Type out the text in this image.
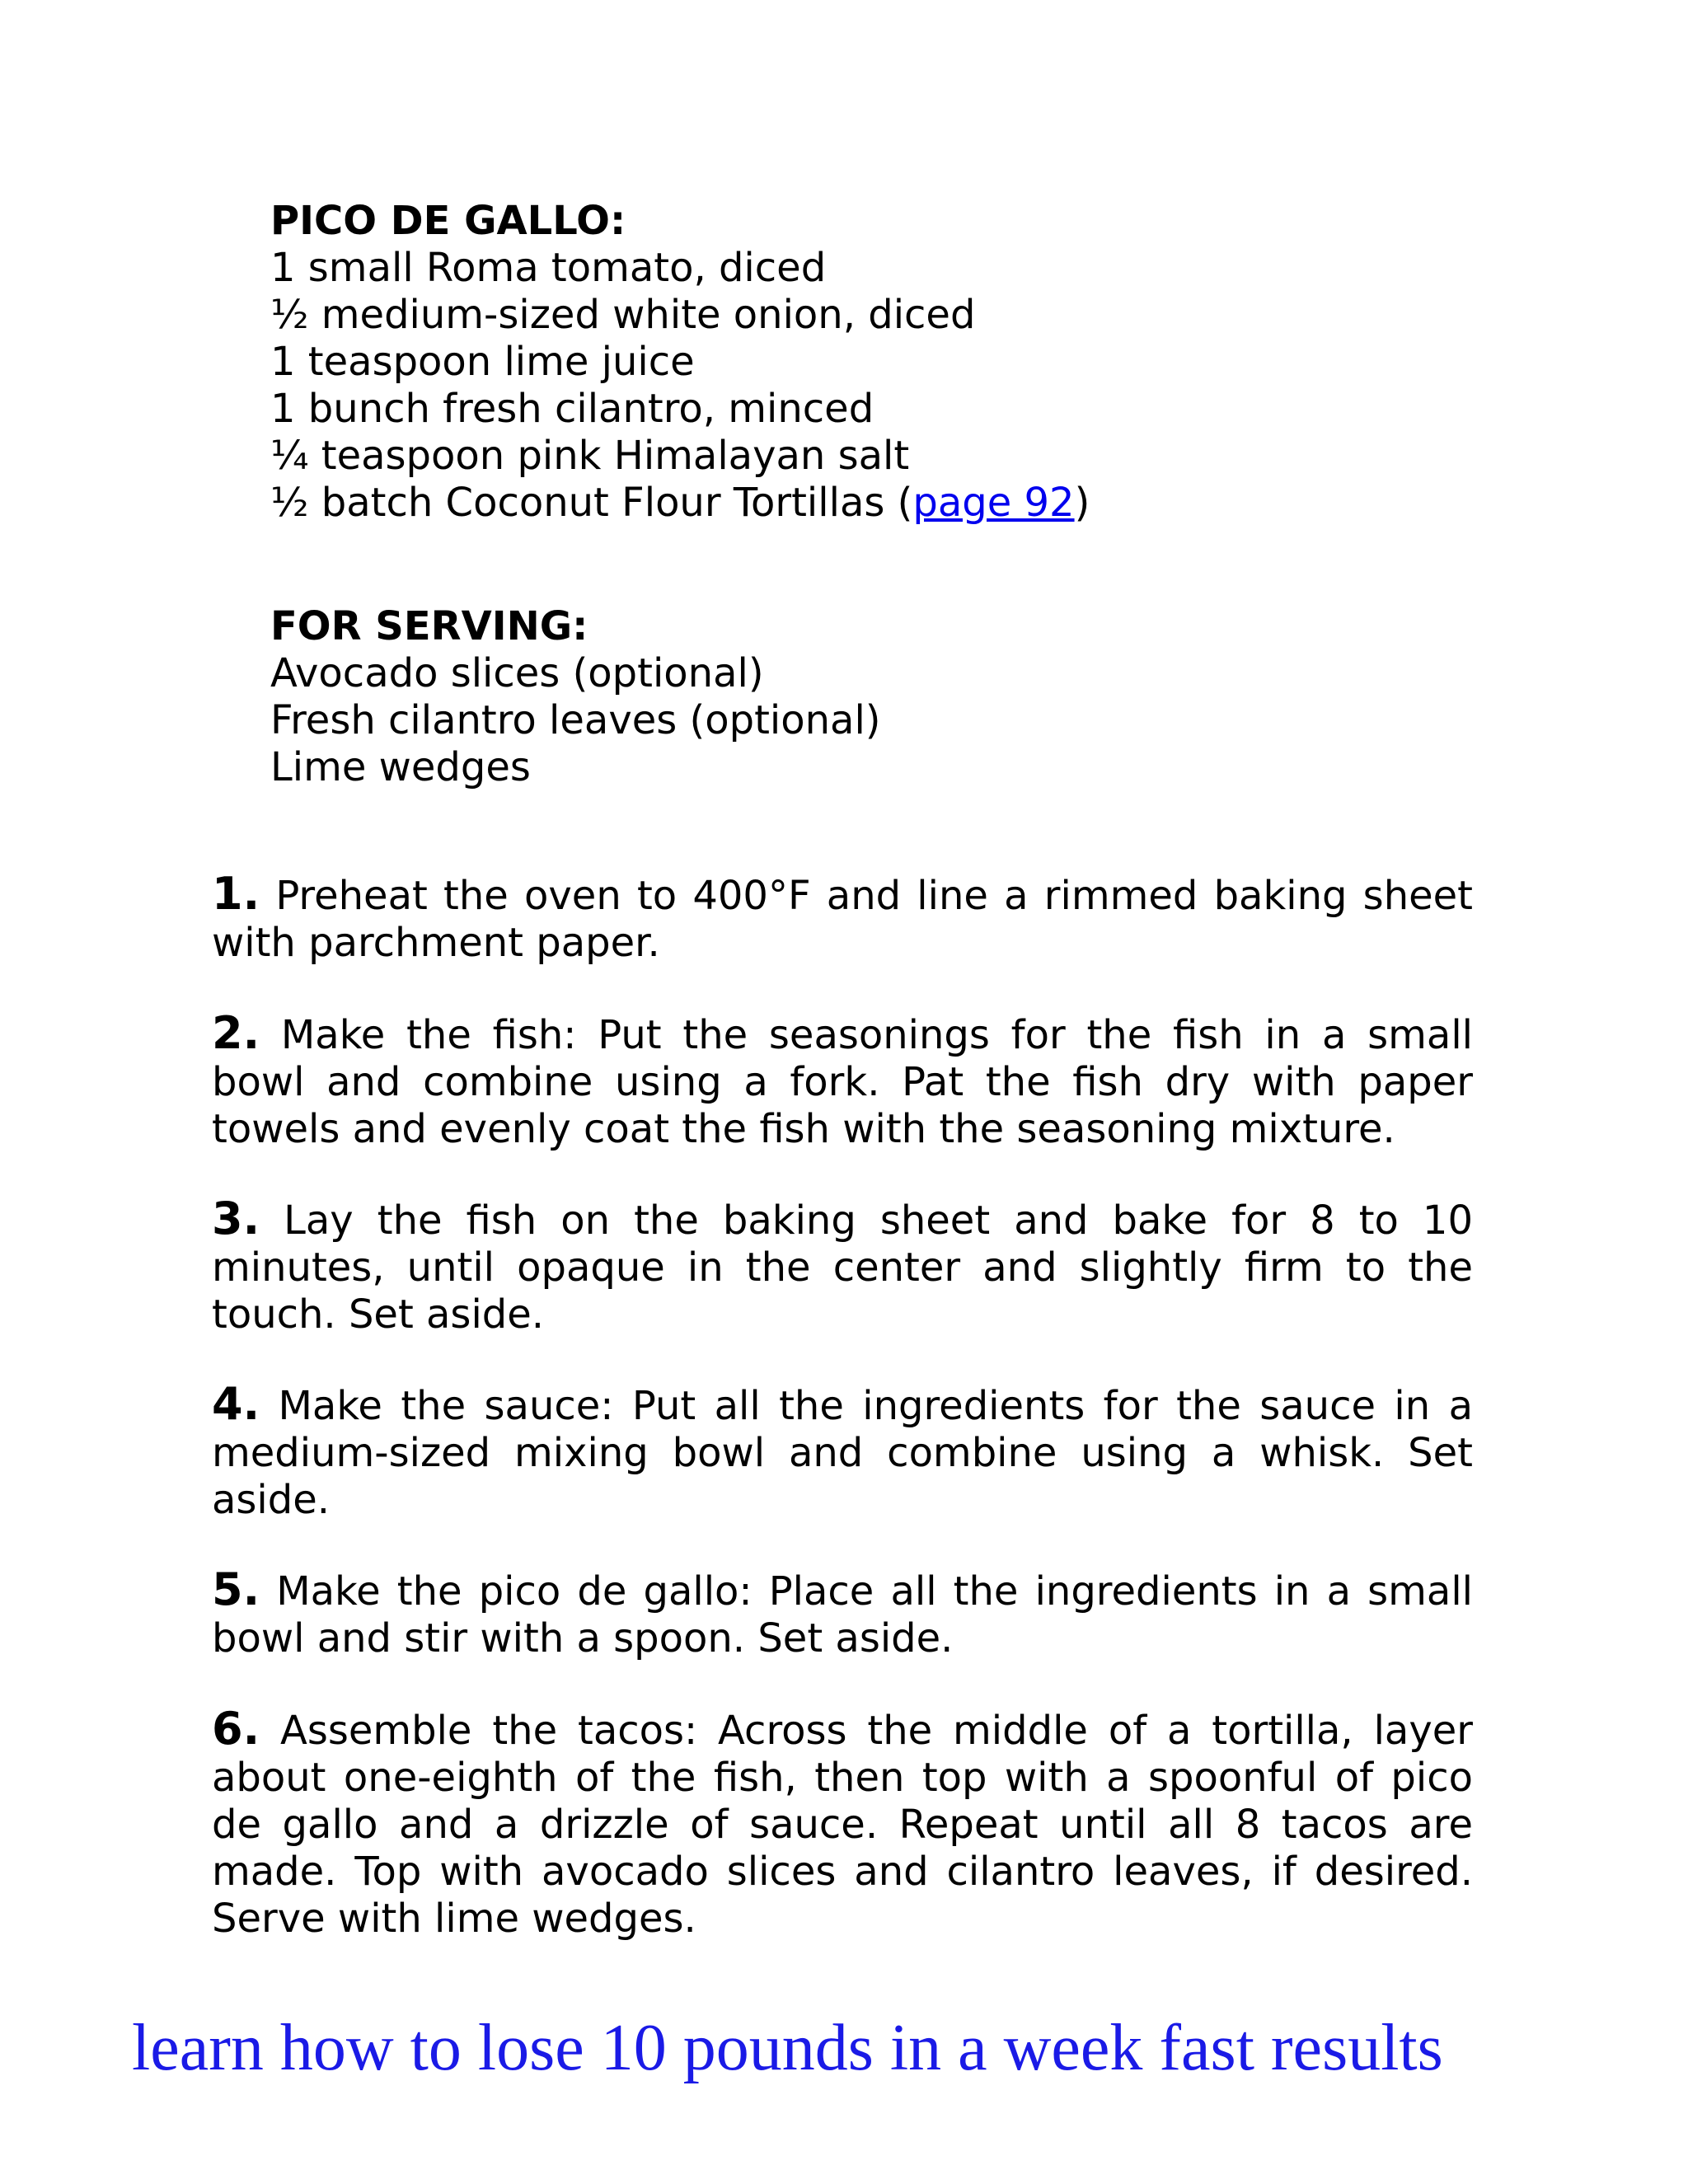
PICO DE GALLO:

1 small Roma tomato, diced

½ medium-sized white onion, diced

1 teaspoon lime juice

1 bunch fresh cilantro, minced

¼ teaspoon pink Himalayan salt

½ batch Coconut Flour Tortillas (page 92)

FOR SERVING:

Avocado slices (optional)

Fresh cilantro leaves (optional)

Lime wedges

1. Preheat the oven to 400°F and line a rimmed baking sheet with parchment paper.

2. Make the fish: Put the seasonings for the fish in a small bowl and combine using a fork. Pat the fish dry with paper towels and evenly coat the fish with the seasoning mixture.

3. Lay the fish on the baking sheet and bake for 8 to 10 minutes, until opaque in the center and slightly firm to the touch. Set aside.

4. Make the sauce: Put all the ingredients for the sauce in a medium-sized mixing bowl and combine using a whisk. Set aside.

5. Make the pico de gallo: Place all the ingredients in a small bowl and stir with a spoon. Set aside.

6. Assemble the tacos: Across the middle of a tortilla, layer about one-eighth of the fish, then top with a spoonful of pico de gallo and a drizzle of sauce. Repeat until all 8 tacos are made. Top with avocado slices and cilantro leaves, if desired. Serve with lime wedges.

learn how to lose 10 pounds in a week fast results
